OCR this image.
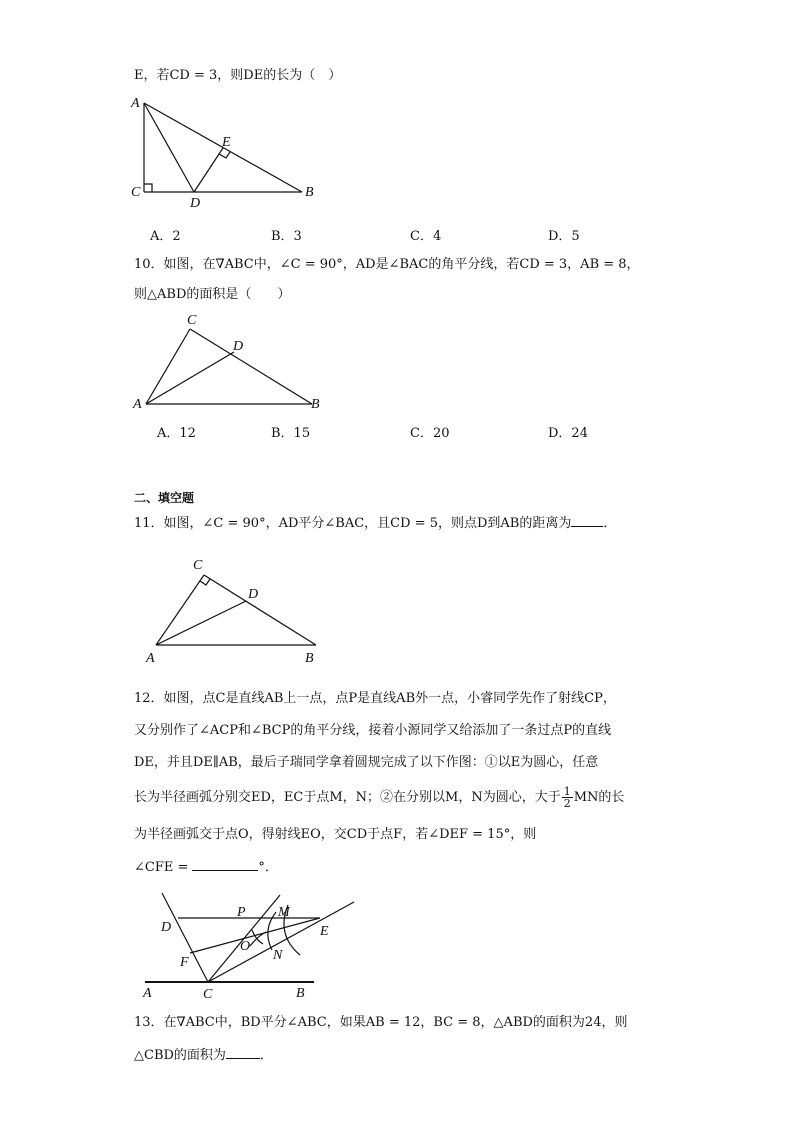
E，若CD = 3，则DE的长为（　）
A
E
C
D
B
A．2	B．3	C．4	D．5
10．如图，在∇ABC中，∠C = 90°，AD是∠BAC的角平分线，若CD = 3，AB = 8，
则△ABD的面积是（　　）
C
D
A	B
A．12	B．15	C．20	D．24
二、填空题
11．如图，∠C = 90°，AD平分∠BAC，且CD = 5，则点D到AB的距离为 ．
C
D
A	B
12．如图，点C是直线AB上一点，点P是直线AB外一点，小睿同学先作了射线CP，
又分别作了∠ACP和∠BCP的角平分线，接着小源同学又给添加了一条过点P的直线
DE，并且DE∥AB，最后子瑞同学拿着圆规完成了以下作图：①以E为圆心，任意
长为半径画弧分别交ED，EC于点M，N；②在分别以M，N为圆心，大于 $\frac{1}{2}$ MN的长
为半径画弧交于点O，得射线EO，交CD于点F，若∠DEF = 15°，则
∠CFE =	°．
D
P M
E
O
F	N
A	C	B
13．在∇ABC中，BD平分∠ABC，如果AB = 12，BC = 8，△ABD的面积为24，则
△CBD的面积为	．
